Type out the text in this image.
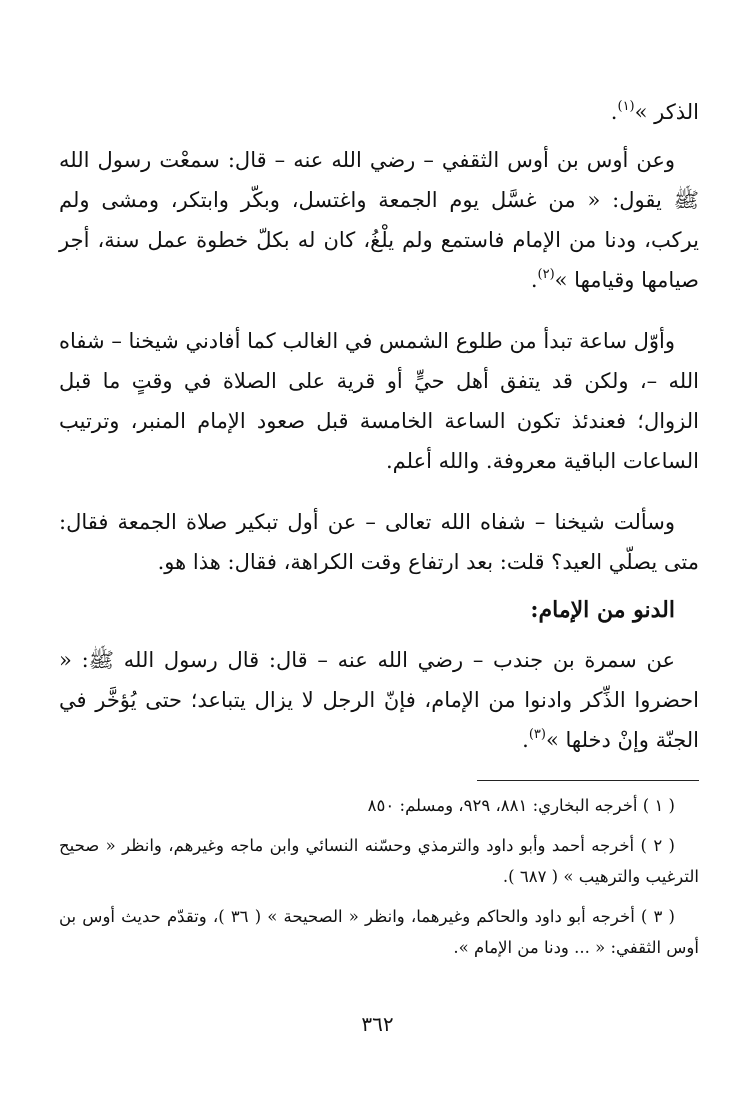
الذكر »$^{(١)}$.

وعن أوس بن أوس الثقفي – رضي الله عنه – قال: سمعْت رسول الله ﷺ يقول: « من غسَّل يوم الجمعة واغتسل، وبكّر وابتكر، ومشى ولم يركب، ودنا من الإمام فاستمع ولم يلْغُ، كان له بكلّ خطوة عمل سنة، أجر صيامها وقيامها »$^{(٢)}$.

وأوّل ساعة تبدأ من طلوع الشمس في الغالب كما أفادني شيخنا – شفاه الله –، ولكن قد يتفق أهل حيٍّ أو قرية على الصلاة في وقتٍ ما قبل الزوال؛ فعندئذ تكون الساعة الخامسة قبل صعود الإمام المنبر، وترتيب الساعات الباقية معروفة. والله أعلم.

وسألت شيخنا – شفاه الله تعالى – عن أول تبكير صلاة الجمعة فقال: متى يصلّي العيد؟ قلت: بعد ارتفاع وقت الكراهة، فقال: هذا هو.

الدنو من الإمام:

عن سمرة بن جندب – رضي الله عنه – قال: قال رسول الله ﷺ: « احضروا الذِّكر وادنوا من الإمام، فإنّ الرجل لا يزال يتباعد؛ حتى يُؤخَّر في الجنّة وإنْ دخلها »$^{(٣)}$.

( ١ ) أخرجه البخاري: ٨٨١، ٩٢٩، ومسلم: ٨٥٠

( ٢ ) أخرجه أحمد وأبو داود والترمذي وحسّنه النسائي وابن ماجه وغيرهم، وانظر « صحيح الترغيب والترهيب » ( ٦٨٧ ).

( ٣ ) أخرجه أبو داود والحاكم وغيرهما، وانظر « الصحيحة » ( ٣٦ )، وتقدّم حديث أوس بن أوس الثقفي: « ... ودنا من الإمام ».

٣٦٢
